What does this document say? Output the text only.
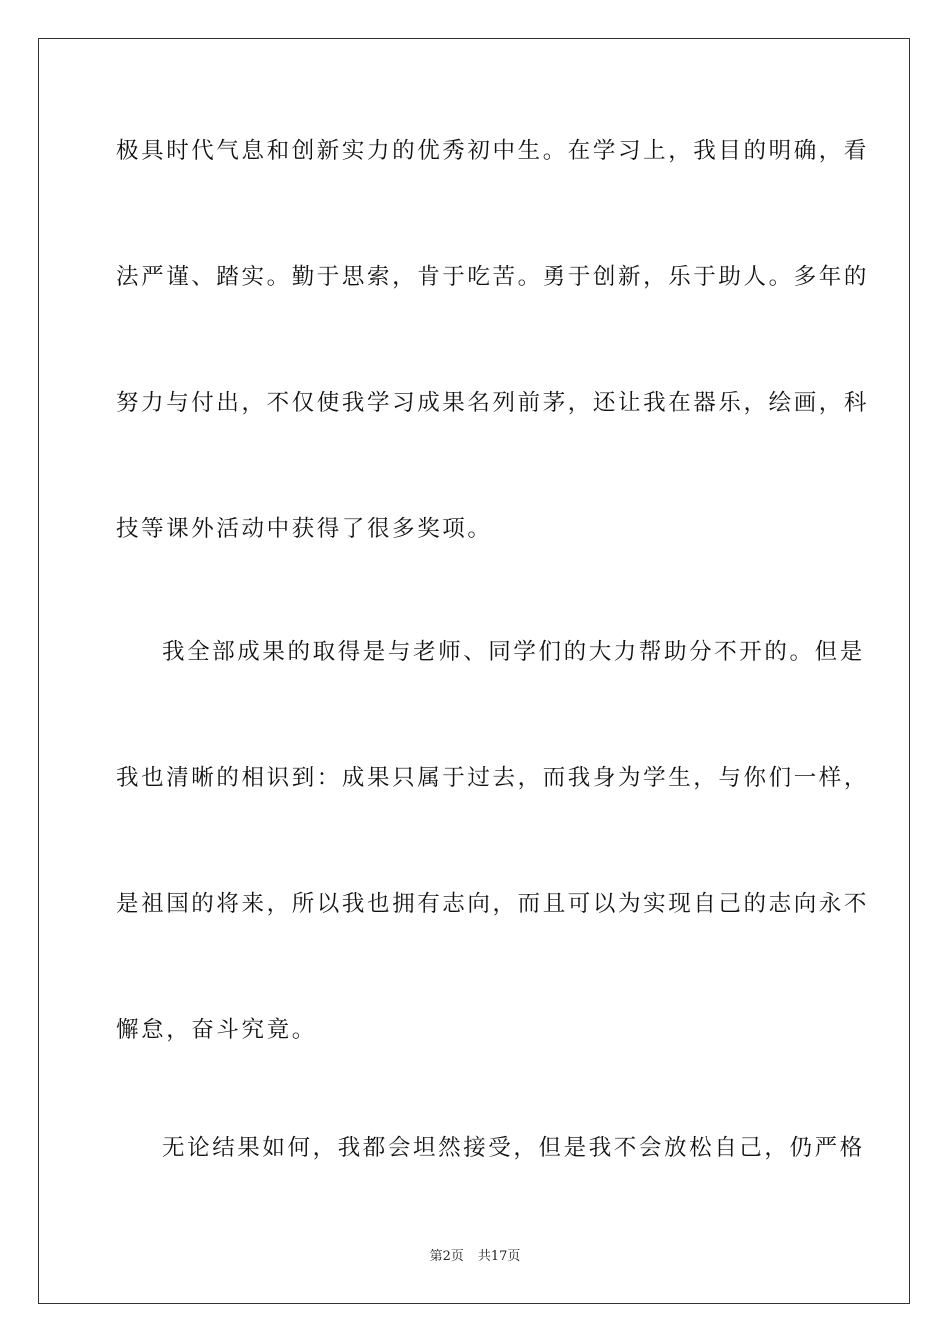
极具时代气息和创新实力的优秀初中生。在学习上，我目的明确，看
法严谨、踏实。勤于思索，肯于吃苦。勇于创新，乐于助人。多年的
努力与付出，不仅使我学习成果名列前茅，还让我在器乐，绘画，科
技等课外活动中获得了很多奖项。
我全部成果的取得是与老师、同学们的大力帮助分不开的。但是
我也清晰的相识到：成果只属于过去，而我身为学生，与你们一样，
是祖国的将来，所以我也拥有志向，而且可以为实现自己的志向永不
懈怠，奋斗究竟。
无论结果如何，我都会坦然接受，但是我不会放松自己，仍严格
第2页 共17页
